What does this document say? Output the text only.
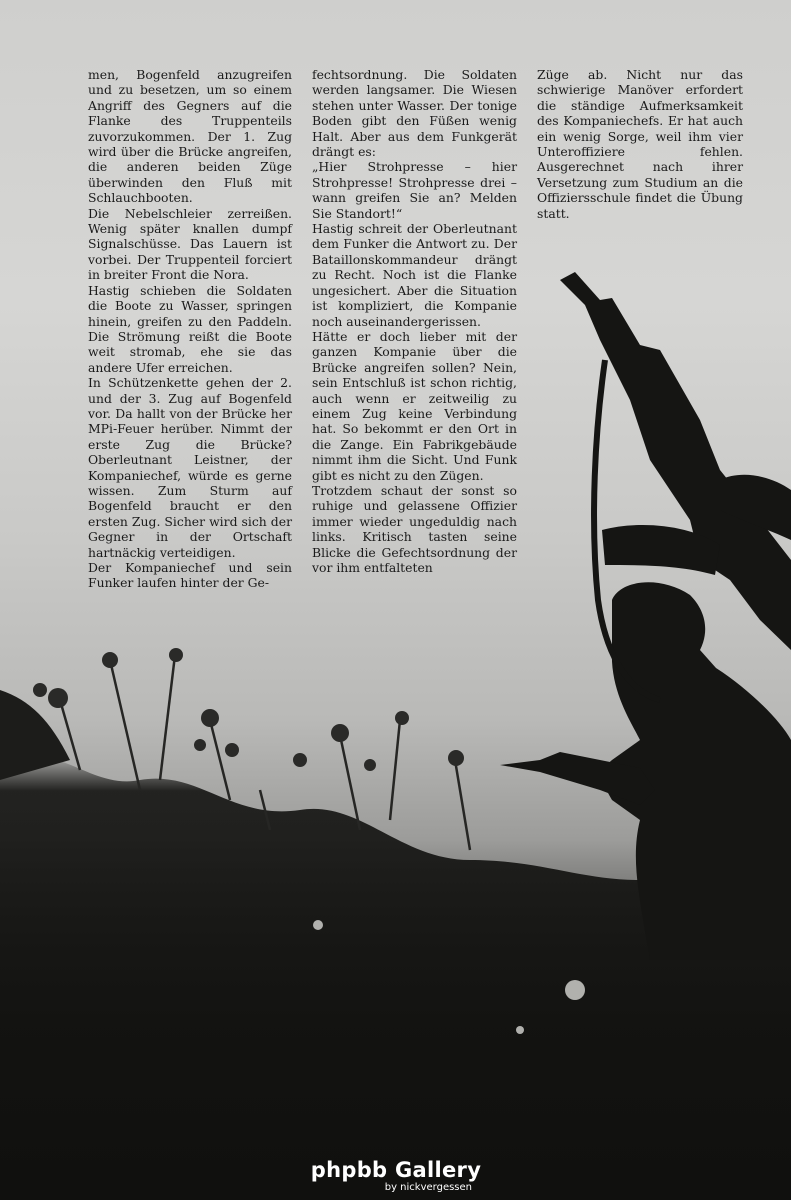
men, Bogenfeld anzugreifen und zu besetzen, um so einem Angriff des Gegners auf die Flanke des Truppenteils zuvorzukommen. Der 1. Zug wird über die Brücke angreifen, die anderen beiden Züge überwinden den Fluß mit Schlauchbooten.

Die Nebelschleier zerreißen. Wenig später knallen dumpf Signalschüsse. Das Lauern ist vorbei. Der Truppenteil forciert in breiter Front die Nora.

Hastig schieben die Soldaten die Boote zu Wasser, springen hinein, greifen zu den Paddeln. Die Strömung reißt die Boote weit stromab, ehe sie das andere Ufer erreichen.

In Schützenkette gehen der 2. und der 3. Zug auf Bogenfeld vor. Da hallt von der Brücke her MPi-Feuer herüber. Nimmt der erste Zug die Brücke? Oberleutnant Leistner, der Kompaniechef, würde es gerne wissen. Zum Sturm auf Bogenfeld braucht er den ersten Zug. Sicher wird sich der Gegner in der Ortschaft hartnäckig verteidigen.

Der Kompaniechef und sein Funker laufen hinter der Ge-

fechtsordnung. Die Soldaten werden langsamer. Die Wiesen stehen unter Wasser. Der tonige Boden gibt den Füßen wenig Halt. Aber aus dem Funkgerät drängt es:

„Hier Strohpresse – hier Strohpresse! Strohpresse drei – wann greifen Sie an? Melden Sie Standort!“

Hastig schreit der Oberleutnant dem Funker die Antwort zu. Der Bataillonskommandeur drängt zu Recht. Noch ist die Flanke ungesichert. Aber die Situation ist kompliziert, die Kompanie noch auseinandergerissen.

Hätte er doch lieber mit der ganzen Kompanie über die Brücke angreifen sollen? Nein, sein Entschluß ist schon richtig, auch wenn er zeitweilig zu einem Zug keine Verbindung hat. So bekommt er den Ort in die Zange. Ein Fabrikgebäude nimmt ihm die Sicht. Und Funk gibt es nicht zu den Zügen.

Trotzdem schaut der sonst so ruhige und gelassene Offizier immer wieder ungeduldig nach links. Kritisch tasten seine Blicke die Gefechtsordnung der vor ihm entfalteten

Züge ab. Nicht nur das schwierige Manöver erfordert die ständige Aufmerksamkeit des Kompaniechefs. Er hat auch ein wenig Sorge, weil ihm vier Unteroffiziere fehlen. Ausgerechnet nach ihrer Versetzung zum Studium an die Offiziersschule findet die Übung statt.

phpbb Gallery
by nickvergessen
